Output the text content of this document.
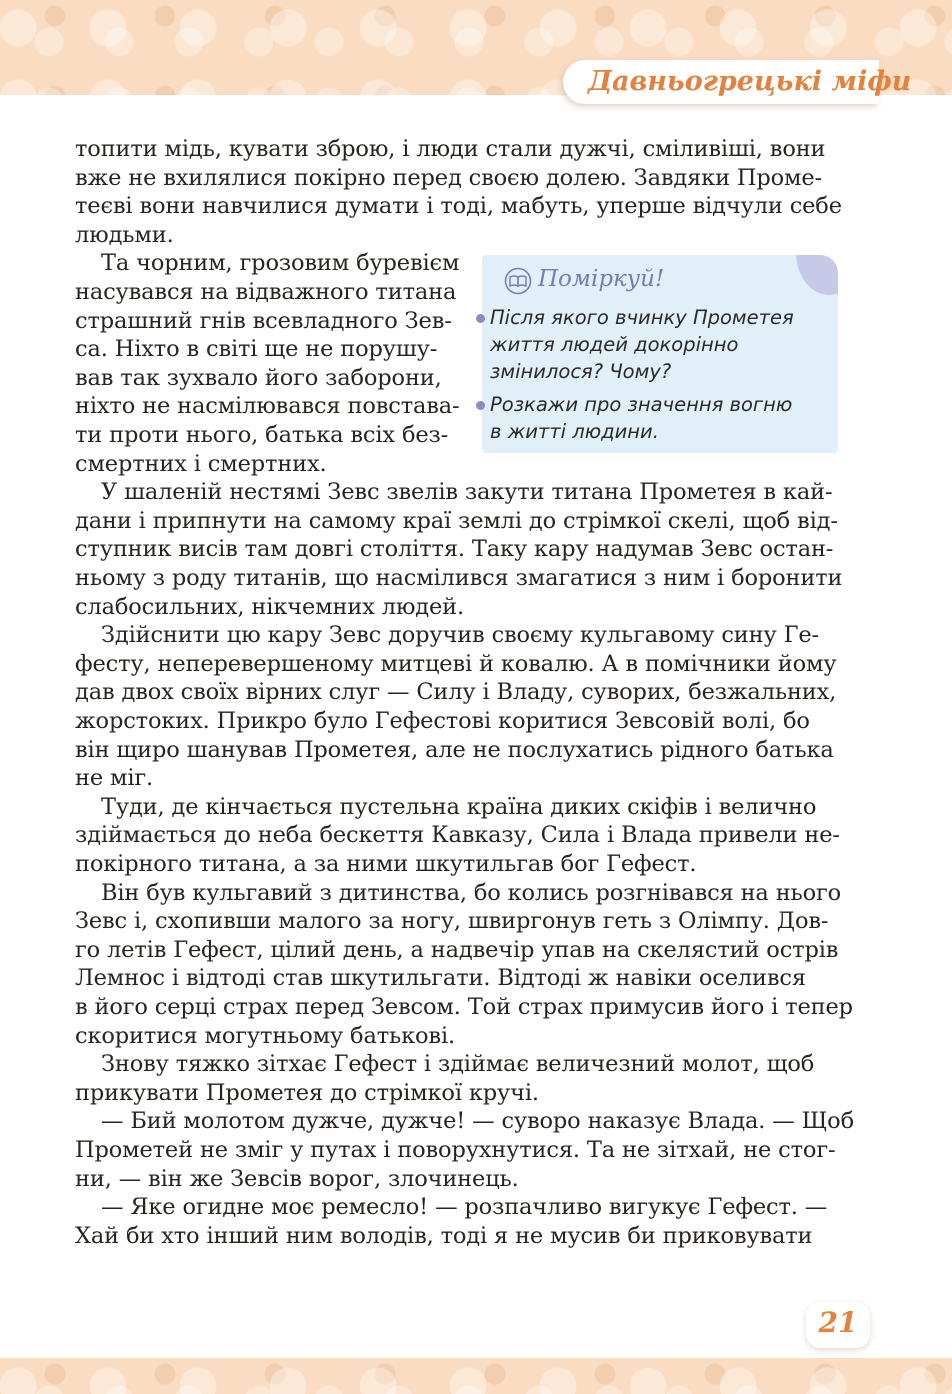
Давньогрецькі міфи
топити мідь, кувати зброю, і люди стали дужчі, сміливіші, вони
вже не вхилялися покірно перед своєю долею. Завдяки Проме-
теєві вони навчилися думати і тоді, мабуть, уперше відчули себе
людьми.
Та чорним, грозовим буревієм
насувався на відважного титана
страшний гнів всевладного Зев-
са. Ніхто в світі ще не порушу-
вав так зухвало його заборони,
ніхто не насмілювався повстава-
ти проти нього, батька всіх без-
смертних і смертних.
Поміркуй!
Після якого вчинку Прометея
життя людей докорінно
змінилося? Чому?
Розкажи про значення вогню
в житті людини.
У шаленій нестямі Зевс звелів закути титана Прометея в кай-
дани і припнути на самому краї землі до стрімкої скелі, щоб від-
ступник висів там довгі століття. Таку кару надумав Зевс остан-
ньому з роду титанів, що насмілився змагатися з ним і боронити
слабосильних, нікчемних людей.
Здійснити цю кару Зевс доручив своєму кульгавому сину Ге-
фесту, неперевершеному митцеві й ковалю. А в помічники йому
дав двох своїх вірних слуг — Силу і Владу, суворих, безжальних,
жорстоких. Прикро було Гефестові коритися Зевсовій волі, бо
він щиро шанував Прометея, але не послухатись рідного батька
не міг.
Туди, де кінчається пустельна країна диких скіфів і велично
здіймається до неба бескеття Кавказу, Сила і Влада привели не-
покірного титана, а за ними шкутильгав бог Гефест.
Він був кульгавий з дитинства, бо колись розгнівався на нього
Зевс і, схопивши малого за ногу, швиргонув геть з Олімпу. Дов-
го летів Гефест, цілий день, а надвечір упав на скелястий острів
Лемнос і відтоді став шкутильгати. Відтоді ж навіки оселився
в його серці страх перед Зевсом. Той страх примусив його і тепер
скоритися могутньому батькові.
Знову тяжко зітхає Гефест і здіймає величезний молот, щоб
прикувати Прометея до стрімкої кручі.
— Бий молотом дужче, дужче! — суворо наказує Влада. — Щоб
Прометей не зміг у путах і поворухнутися. Та не зітхай, не стог-
ни, — він же Зевсів ворог, злочинець.
— Яке огидне моє ремесло! — розпачливо вигукує Гефест. —
Хай би хто інший ним володів, тоді я не мусив би приковувати
21
